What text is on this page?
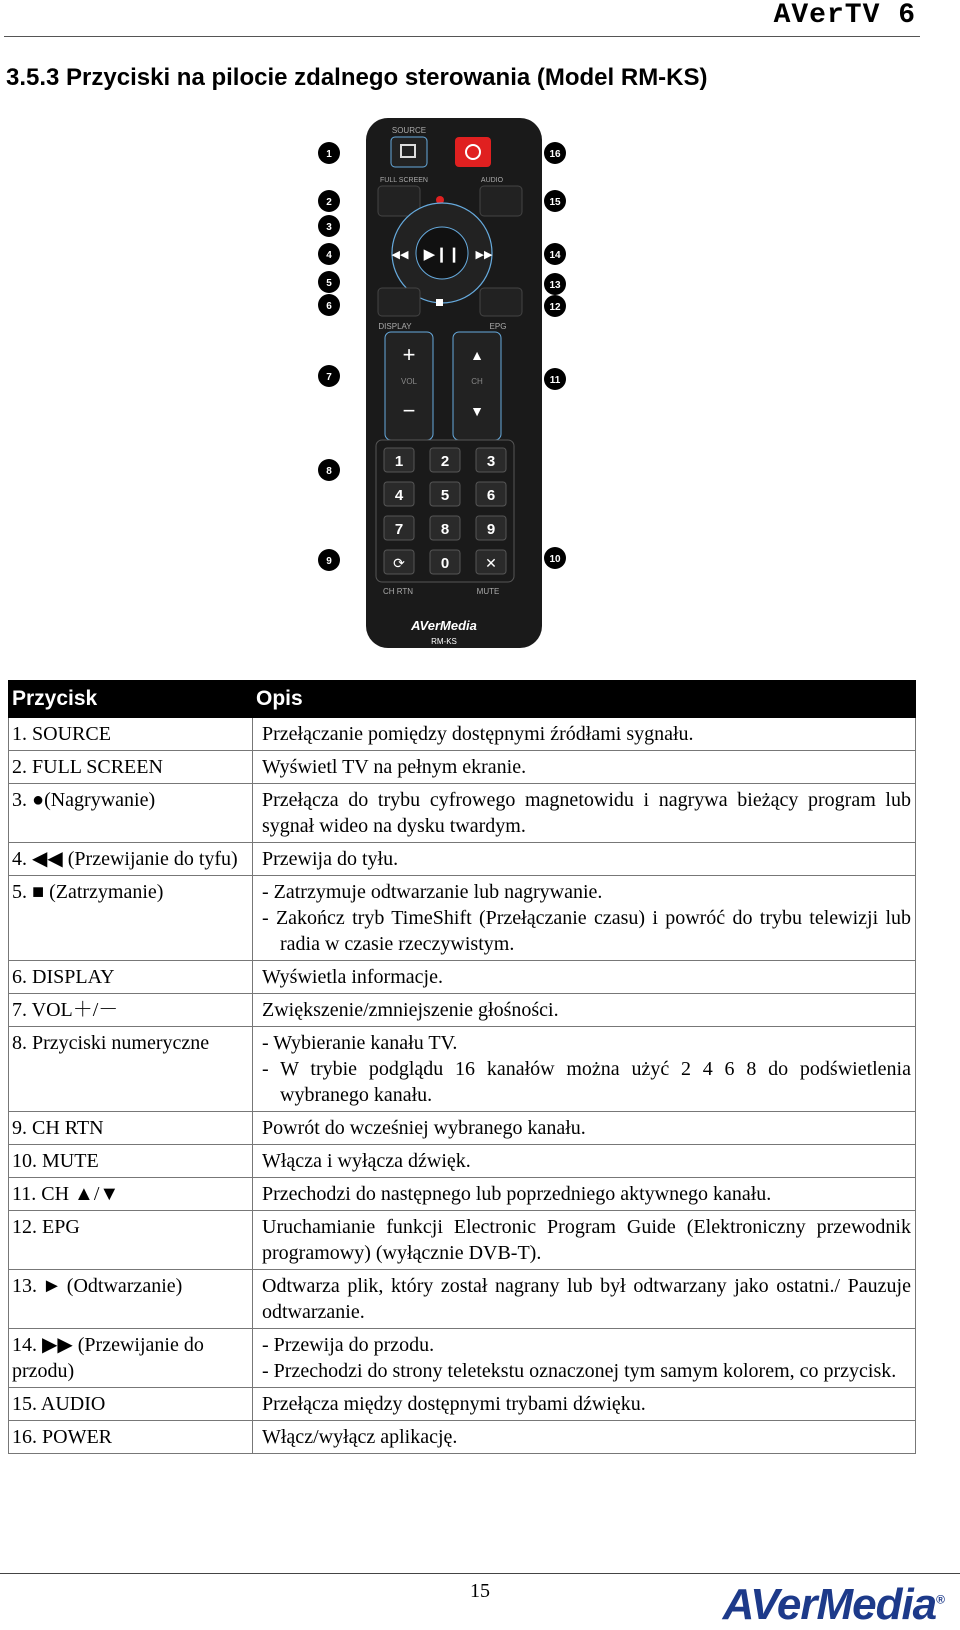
AVerTV 6
3.5.3 Przyciski na pilocie zdalnego sterowania (Model RM-KS)
SOURCE
FULL SCREEN	AUDIO
▶❙❙
◀◀	▶▶
DISPLAY	EPG
+
−
VOL
▲
▼
CH
1	2	3
4	5	6
7	8	9
0
⟳	✕
CH RTN	MUTE
AVerMedia
RM-KS
1
2
3
4
5
6
7
8
9	10
11
12
13
14
15
16
Przycisk	Opis
1. SOURCE	Przełączanie pomiędzy dostępnymi źródłami sygnału.

2. FULL SCREEN	Wyświetl TV na pełnym ekranie.

3. ●(Nagrywanie)	Przełącza do trybu cyfrowego magnetowidu i nagrywa bieżący program lub sygnał wideo na dysku twardym.

4. ◀◀ (Przewijanie do tyfu)	Przewija do tyłu.

5. ■ (Zatrzymanie)	- Zatrzymuje odtwarzanie lub nagrywanie.
- Zakończ tryb TimeShift (Przełączanie czasu) i powróć do trybu telewizji lub radia w czasie rzeczywistym.

6. DISPLAY	Wyświetla informacje.

7. VOL＋/－	Zwiększenie/zmniejszenie głośności.

8. Przyciski numeryczne	- Wybieranie kanału TV.
- W trybie podglądu 16 kanałów można użyć 2 4 6 8 do podświetlenia wybranego kanału.

9. CH RTN	Powrót do wcześniej wybranego kanału.

10. MUTE	Włącza i wyłącza dźwięk.

11. CH ▲/▼	Przechodzi do następnego lub poprzedniego aktywnego kanału.

12. EPG	Uruchamianie funkcji Electronic Program Guide (Elektroniczny przewodnik programowy) (wyłącznie DVB-T).

13. ► (Odtwarzanie)	Odtwarza plik, który został nagrany lub był odtwarzany jako ostatni./ Pauzuje odtwarzanie.

14. ▶▶ (Przewijanie do przodu)	- Przewija do przodu.
- Przechodzi do strony teletekstu oznaczonej tym samym kolorem, co przycisk.

15. AUDIO	Przełącza między dostępnymi trybami dźwięku.

16. POWER	Włącz/wyłącz aplikację.
15	AVerMedia®
